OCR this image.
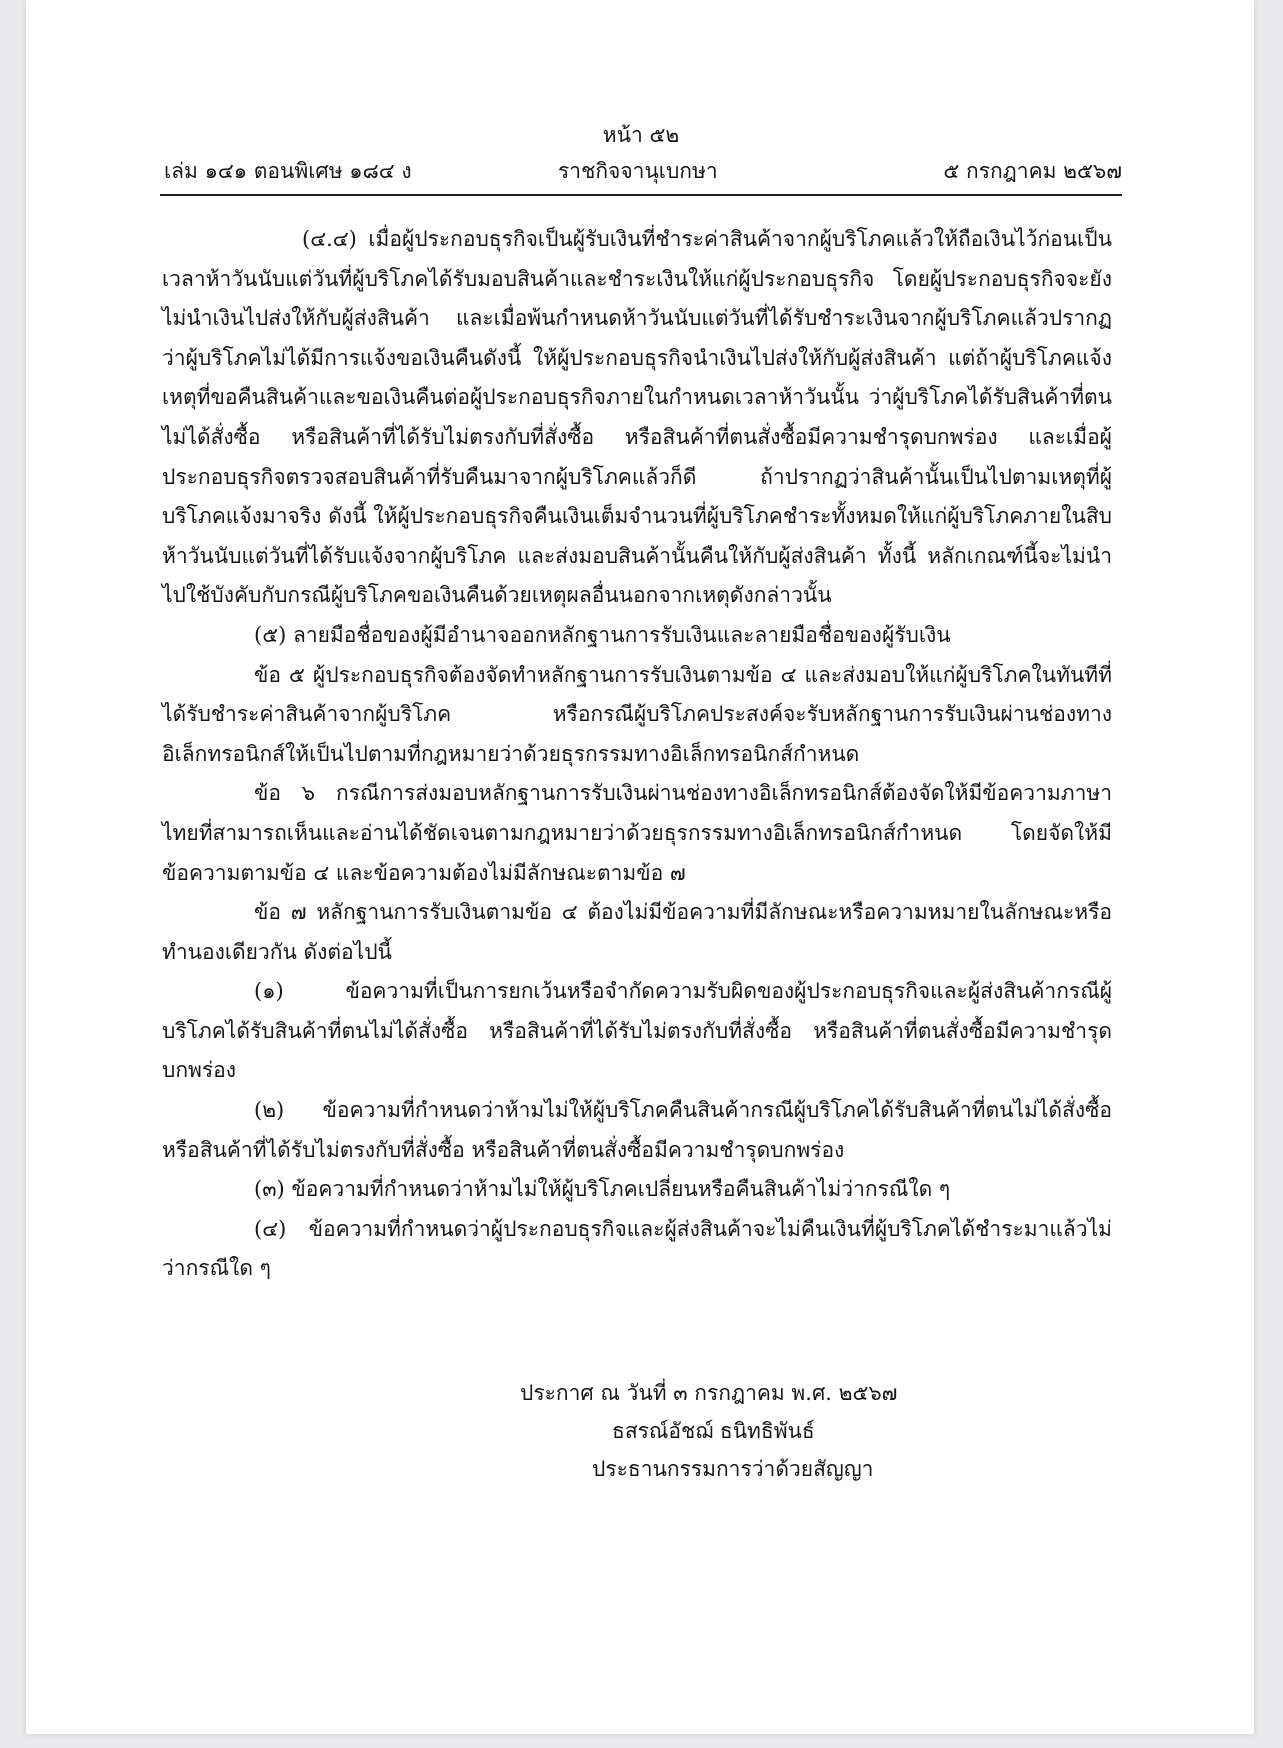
หน้า ๕๒
เล่ม ๑๔๑ ตอนพิเศษ ๑๘๔ ง	ราชกิจจานุเบกษา	๕ กรกฎาคม ๒๕๖๗

(๔.๔) เมื่อผู้ประกอบธุรกิจเป็นผู้รับเงินที่ชำระค่าสินค้าจากผู้บริโภคแล้วให้ถือเงินไว้ก่อนเป็นเวลาห้าวันนับแต่วันที่ผู้บริโภคได้รับมอบสินค้าและชำระเงินให้แก่ผู้ประกอบธุรกิจ โดยผู้ประกอบธุรกิจจะยังไม่นำเงินไปส่งให้กับผู้ส่งสินค้า และเมื่อพ้นกำหนดห้าวันนับแต่วันที่ได้รับชำระเงินจากผู้บริโภคแล้วปรากฏว่าผู้บริโภคไม่ได้มีการแจ้งขอเงินคืนดังนี้ ให้ผู้ประกอบธุรกิจนำเงินไปส่งให้กับผู้ส่งสินค้า แต่ถ้าผู้บริโภคแจ้งเหตุที่ขอคืนสินค้าและขอเงินคืนต่อผู้ประกอบธุรกิจภายในกำหนดเวลาห้าวันนั้น ว่าผู้บริโภคได้รับสินค้าที่ตนไม่ได้สั่งซื้อ หรือสินค้าที่ได้รับไม่ตรงกับที่สั่งซื้อ หรือสินค้าที่ตนสั่งซื้อมีความชำรุดบกพร่อง และเมื่อผู้ประกอบธุรกิจตรวจสอบสินค้าที่รับคืนมาจากผู้บริโภคแล้วก็ดี ถ้าปรากฏว่าสินค้านั้นเป็นไปตามเหตุที่ผู้บริโภคแจ้งมาจริง ดังนี้ ให้ผู้ประกอบธุรกิจคืนเงินเต็มจำนวนที่ผู้บริโภคชำระทั้งหมดให้แก่ผู้บริโภคภายในสิบห้าวันนับแต่วันที่ได้รับแจ้งจากผู้บริโภค และส่งมอบสินค้านั้นคืนให้กับผู้ส่งสินค้า ทั้งนี้ หลักเกณฑ์นี้จะไม่นำไปใช้บังคับกับกรณีผู้บริโภคขอเงินคืนด้วยเหตุผลอื่นนอกจากเหตุดังกล่าวนั้น

(๕) ลายมือชื่อของผู้มีอำนาจออกหลักฐานการรับเงินและลายมือชื่อของผู้รับเงิน

ข้อ ๕ ผู้ประกอบธุรกิจต้องจัดทำหลักฐานการรับเงินตามข้อ ๔ และส่งมอบให้แก่ผู้บริโภคในทันทีที่ได้รับชำระค่าสินค้าจากผู้บริโภค หรือกรณีผู้บริโภคประสงค์จะรับหลักฐานการรับเงินผ่านช่องทางอิเล็กทรอนิกส์ให้เป็นไปตามที่กฎหมายว่าด้วยธุรกรรมทางอิเล็กทรอนิกส์กำหนด

ข้อ ๖ กรณีการส่งมอบหลักฐานการรับเงินผ่านช่องทางอิเล็กทรอนิกส์ต้องจัดให้มีข้อความภาษาไทยที่สามารถเห็นและอ่านได้ชัดเจนตามกฎหมายว่าด้วยธุรกรรมทางอิเล็กทรอนิกส์กำหนด โดยจัดให้มีข้อความตามข้อ ๔ และข้อความต้องไม่มีลักษณะตามข้อ ๗

ข้อ ๗ หลักฐานการรับเงินตามข้อ ๔ ต้องไม่มีข้อความที่มีลักษณะหรือความหมายในลักษณะหรือทำนองเดียวกัน ดังต่อไปนี้

(๑) ข้อความที่เป็นการยกเว้นหรือจำกัดความรับผิดของผู้ประกอบธุรกิจและผู้ส่งสินค้ากรณีผู้บริโภคได้รับสินค้าที่ตนไม่ได้สั่งซื้อ หรือสินค้าที่ได้รับไม่ตรงกับที่สั่งซื้อ หรือสินค้าที่ตนสั่งซื้อมีความชำรุดบกพร่อง

(๒) ข้อความที่กำหนดว่าห้ามไม่ให้ผู้บริโภคคืนสินค้ากรณีผู้บริโภคได้รับสินค้าที่ตนไม่ได้สั่งซื้อหรือสินค้าที่ได้รับไม่ตรงกับที่สั่งซื้อ หรือสินค้าที่ตนสั่งซื้อมีความชำรุดบกพร่อง

(๓) ข้อความที่กำหนดว่าห้ามไม่ให้ผู้บริโภคเปลี่ยนหรือคืนสินค้าไม่ว่ากรณีใด ๆ

(๔) ข้อความที่กำหนดว่าผู้ประกอบธุรกิจและผู้ส่งสินค้าจะไม่คืนเงินที่ผู้บริโภคได้ชำระมาแล้วไม่ว่ากรณีใด ๆ

ประกาศ ณ วันที่ ๓ กรกฎาคม พ.ศ. ๒๕๖๗
ธสรณ์อัชฌ์ ธนิทธิพันธ์
ประธานกรรมการว่าด้วยสัญญา
